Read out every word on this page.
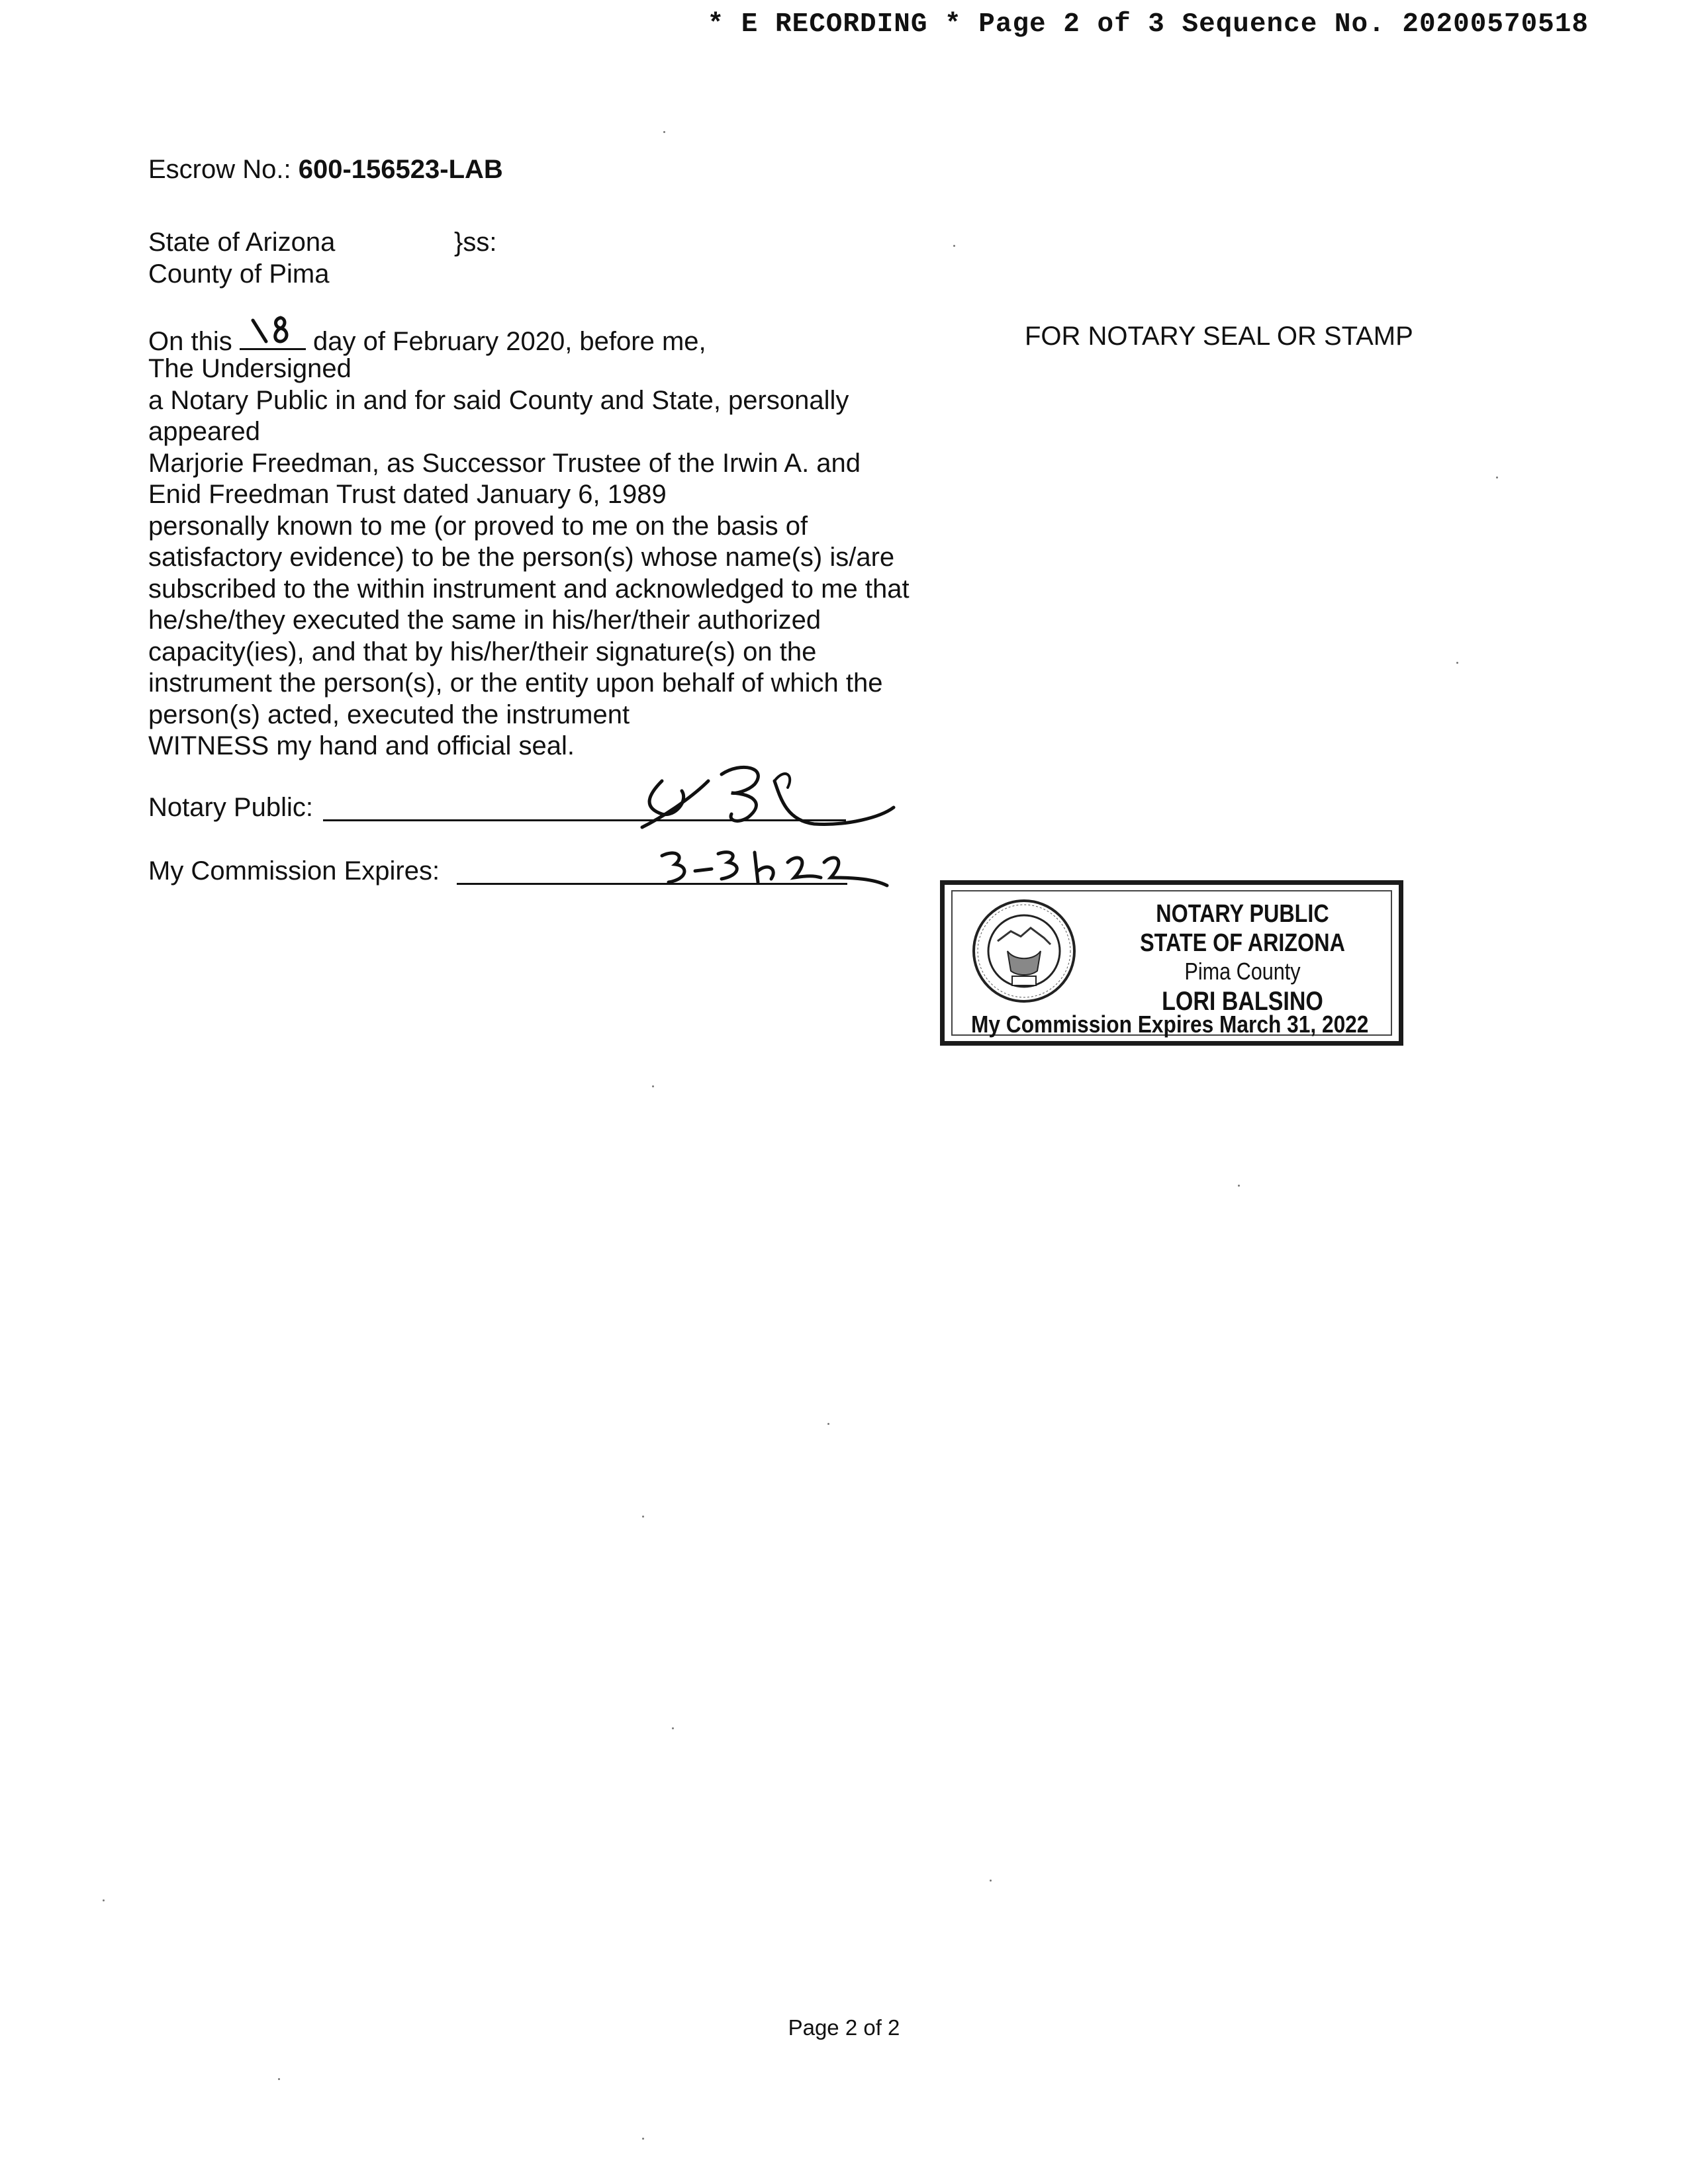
* E RECORDING * Page 2 of 3 Sequence No. 20200570518
Escrow No.: 600-156523-LAB
State of Arizona	}ss:
County of Pima
FOR NOTARY SEAL OR STAMP
On this	day of February 2020, before me,
The Undersigned
a Notary Public in and for said County and State, personally
appeared
Marjorie Freedman, as Successor Trustee of the Irwin A. and
Enid Freedman Trust dated January 6, 1989
personally known to me (or proved to me on the basis of
satisfactory evidence) to be the person(s) whose name(s) is/are
subscribed to the within instrument and acknowledged to me that
he/she/they executed the same in his/her/their authorized
capacity(ies), and that by his/her/their signature(s) on the
instrument the person(s), or the entity upon behalf of which the
person(s) acted, executed the instrument
WITNESS my hand and official seal.
Notary Public:
My Commission Expires:
NOTARY PUBLIC
STATE OF ARIZONA
Pima County
LORI BALSINO
My Commission Expires March 31, 2022
Page 2 of 2
